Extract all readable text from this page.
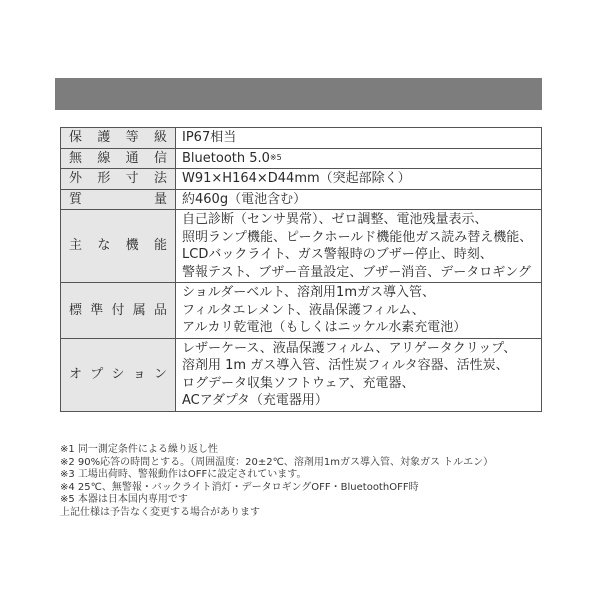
保 護 等 級	IP67相当

無 線 通 信	Bluetooth 5.0$^{※5}$

外 形 寸 法	W91×H164×D44mm（突起部除く）

質 量	約460g（電池含む）

主 な 機 能	自己診断（センサ異常）、ゼロ調整、電池残量表示、
照明ランプ機能、ピークホールド機能他ガス読み替え機能、
LCDバックライト、ガス警報時のブザー停止、時刻、
警報テスト、ブザー音量設定、ブザー消音、データロギング

標 準 付 属 品	ショルダーベルト、溶剤用1mガス導入管、
フィルタエレメント、液晶保護フィルム、
アルカリ乾電池（もしくはニッケル水素充電池）

オ プ シ ョ ン	レザーケース、液晶保護フィルム、アリゲータクリップ、
溶剤用 1m ガス導入管、活性炭フィルタ容器、活性炭、
ログデータ収集ソフトウェア、充電器、
ACアダプタ（充電器用）
※1 同一測定条件による繰り返し性
※2 90%応答の時間とする。（周囲温度：20±2℃、溶剤用1mガス導入管、対象ガス トルエン）
※3 工場出荷時、警報動作はOFFに設定されています。
※4 25℃、無警報・バックライト消灯・データロギングOFF・BluetoothOFF時
※5 本器は日本国内専用です
上記仕様は予告なく変更する場合があります
